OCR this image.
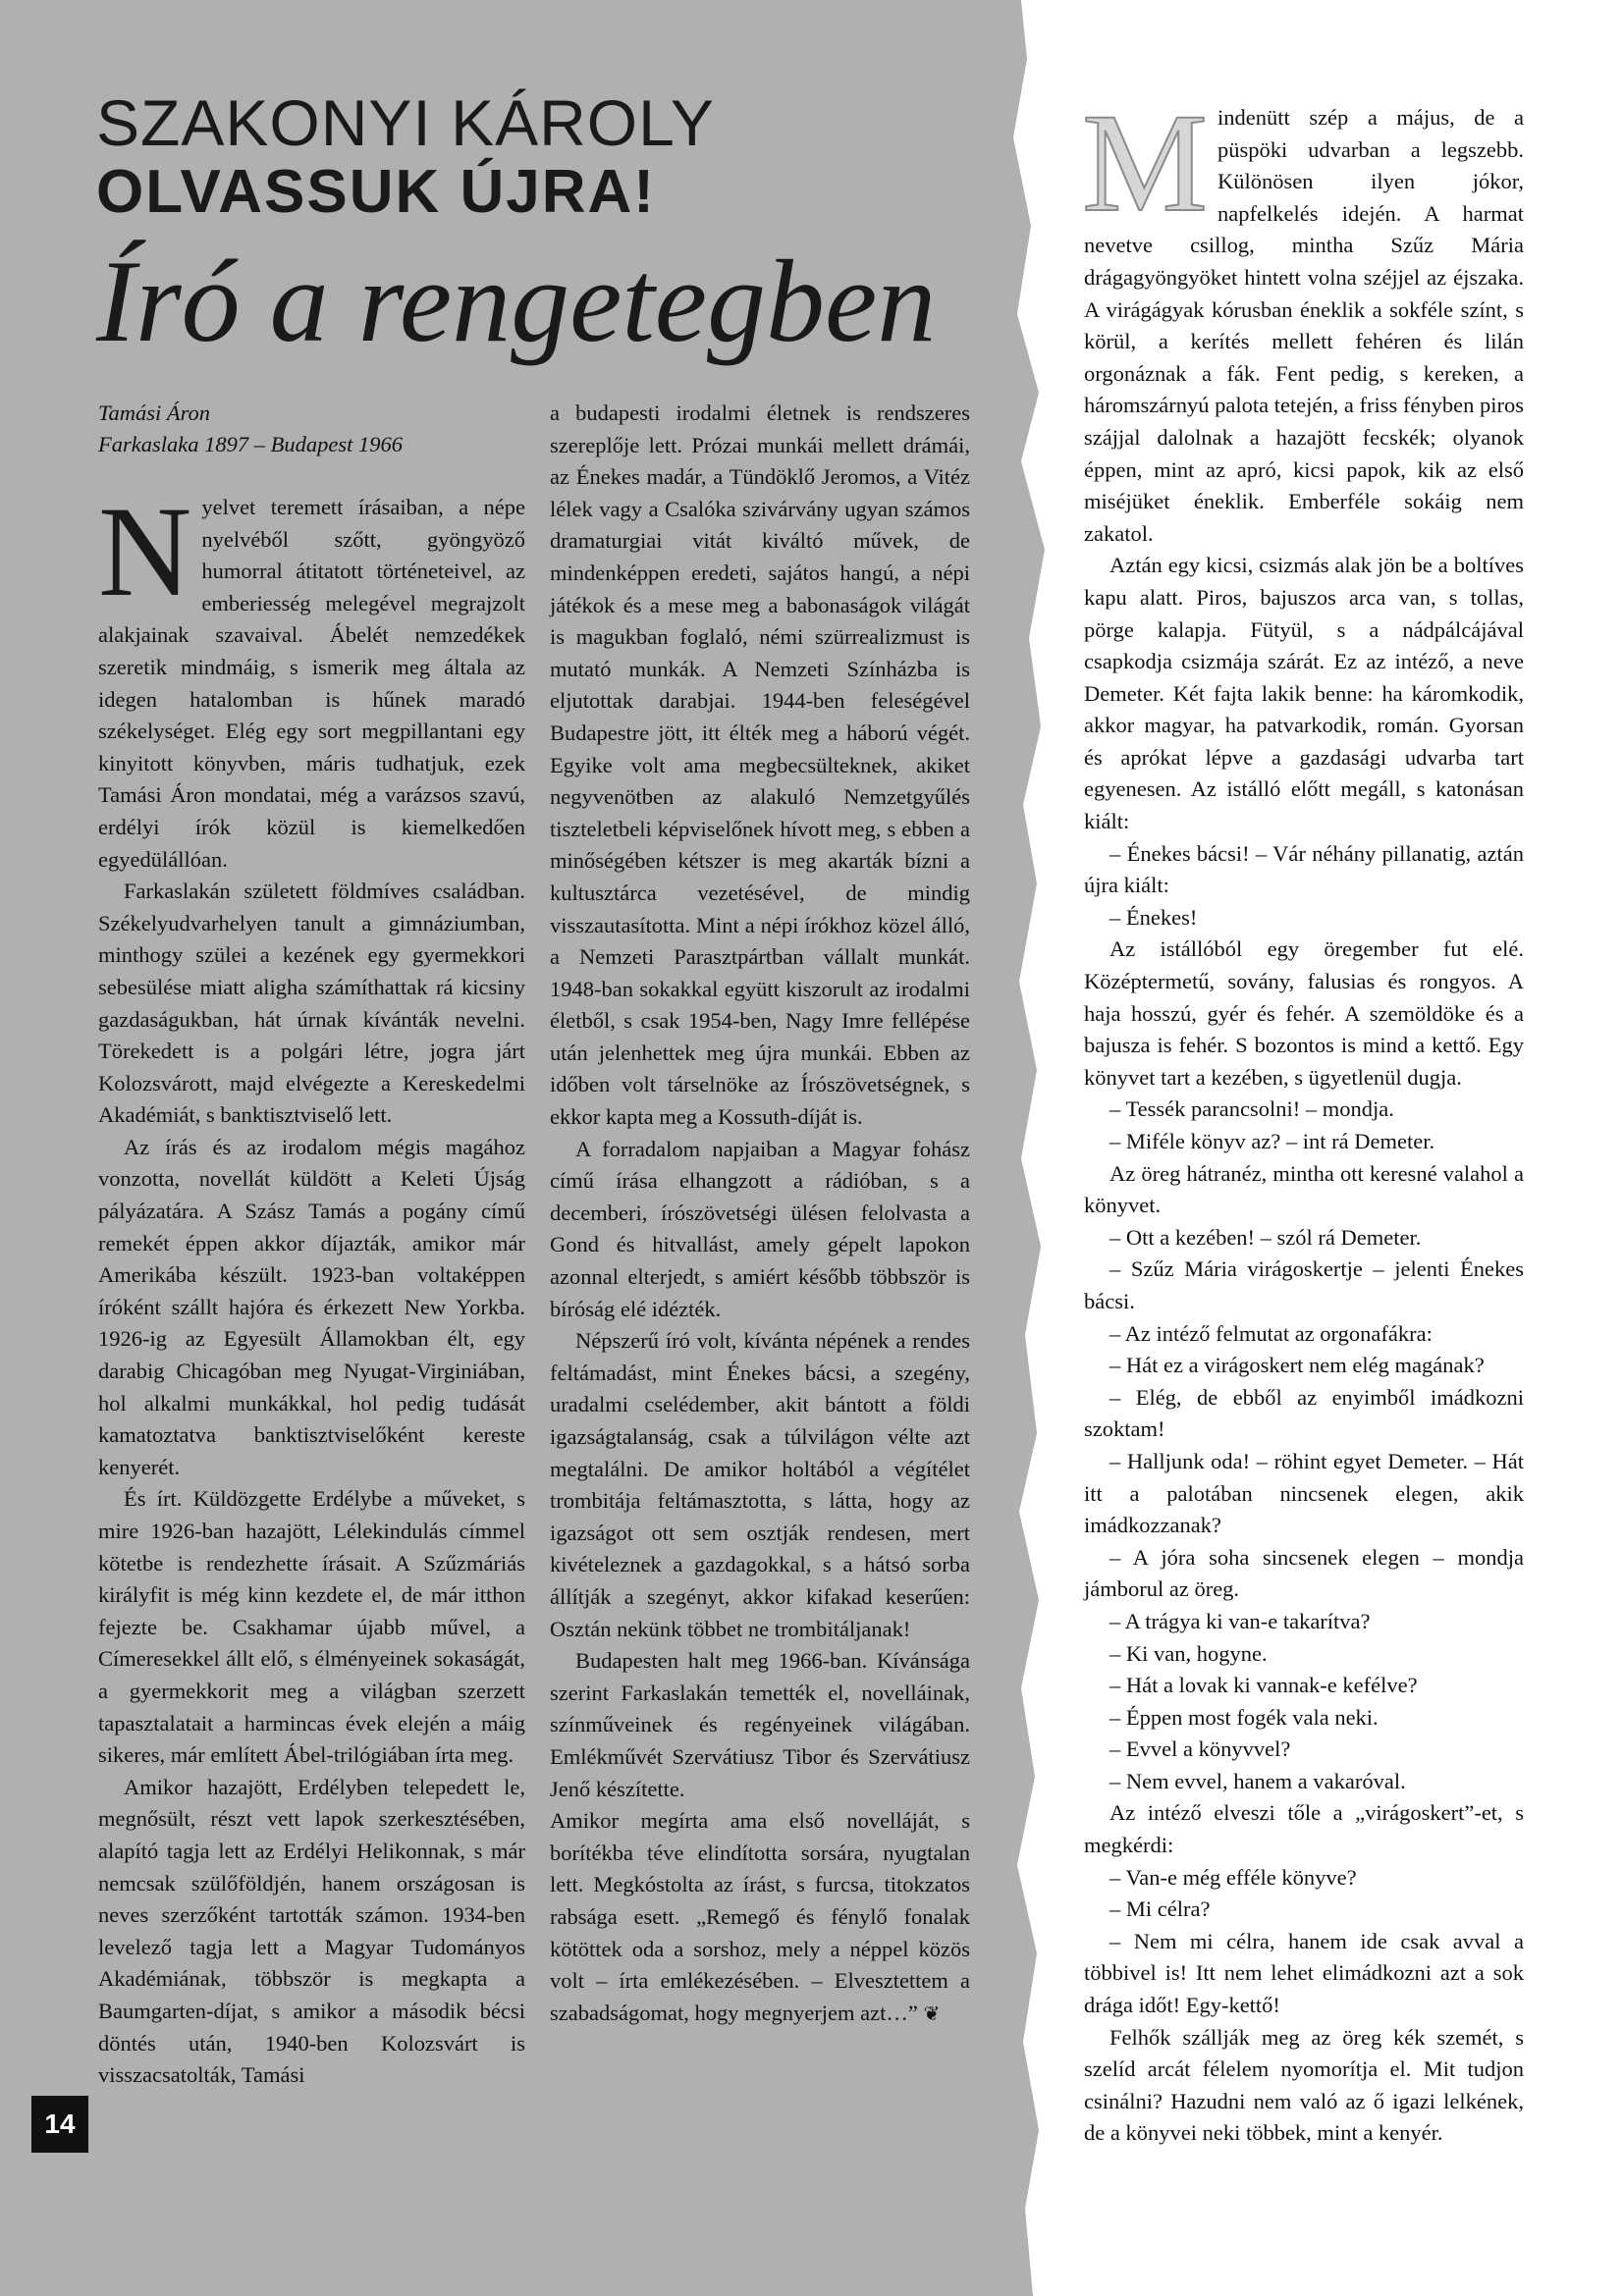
SZAKONYI KÁROLY
OLVASSUK ÚJRA!
Író a rengetegben
Tamási Áron
Farkaslaka 1897 – Budapest 1966

Nyelvet teremett írásaiban, a népe nyelvéből szőtt, gyöngyöző humorral átitatott történeteivel, az emberiesség melegével megrajzolt alakjainak szavaival. Ábelét nemzedékek szeretik mindmáig, s ismerik meg általa az idegen hatalomban is hűnek maradó székelységet. Elég egy sort megpillantani egy kinyitott könyvben, máris tudhatjuk, ezek Tamási Áron mondatai, még a varázsos szavú, erdélyi írók közül is kiemelkedően egyedülállóan.

Farkaslakán született földmíves családban. Székelyudvarhelyen tanult a gimnáziumban, minthogy szülei a kezének egy gyermekkori sebesülése miatt aligha számíthattak rá kicsiny gazdaságukban, hát úrnak kívánták nevelni. Törekedett is a polgári létre, jogra járt Kolozsvárott, majd elvégezte a Kereskedelmi Akadémiát, s banktisztviselő lett.

Az írás és az irodalom mégis magához vonzotta, novellát küldött a Keleti Újság pályázatára. A Szász Tamás a pogány című remekét éppen akkor díjazták, amikor már Amerikába készült. 1923-ban voltaképpen íróként szállt hajóra és érkezett New Yorkba. 1926-ig az Egyesült Államokban élt, egy darabig Chicagóban meg Nyugat-Virginiában, hol alkalmi munkákkal, hol pedig tudását kamatoztatva banktisztviselőként kereste kenyerét.

És írt. Küldözgette Erdélybe a műveket, s mire 1926-ban hazajött, Lélekindulás címmel kötetbe is rendezhette írásait. A Szűzmáriás királyfit is még kinn kezdete el, de már itthon fejezte be. Csakhamar újabb művel, a Címeresekkel állt elő, s élményeinek sokaságát, a gyermekkorit meg a világban szerzett tapasztalatait a harmincas évek elején a máig sikeres, már említett Ábel-trilógiában írta meg.

Amikor hazajött, Erdélyben telepedett le, megnősült, részt vett lapok szerkesztésében, alapító tagja lett az Erdélyi Helikonnak, s már nemcsak szülőföldjén, hanem országosan is neves szerzőként tartották számon. 1934-ben levelező tagja lett a Magyar Tudományos Akadémiának, többször is megkapta a Baumgarten-díjat, s amikor a második bécsi döntés után, 1940-ben Kolozsvárt is visszacsatolták, Tamási

a budapesti irodalmi életnek is rendszeres szereplője lett. Prózai munkái mellett drámái, az Énekes madár, a Tündöklő Jeromos, a Vitéz lélek vagy a Csalóka szivárvány ugyan számos dramaturgiai vitát kiváltó művek, de mindenképpen eredeti, sajátos hangú, a népi játékok és a mese meg a babonaságok világát is magukban foglaló, némi szürrealizmust is mutató munkák. A Nemzeti Színházba is eljutottak darabjai. 1944-ben feleségével Budapestre jött, itt élték meg a háború végét. Egyike volt ama megbecsülteknek, akiket negyvenötben az alakuló Nemzetgyűlés tiszteletbeli képviselőnek hívott meg, s ebben a minőségében kétszer is meg akarták bízni a kultusztárca vezetésével, de mindig visszautasította. Mint a népi írókhoz közel álló, a Nemzeti Parasztpártban vállalt munkát. 1948-ban sokakkal együtt kiszorult az irodalmi életből, s csak 1954-ben, Nagy Imre fellépése után jelenhettek meg újra munkái. Ebben az időben volt társelnöke az Írószövetségnek, s ekkor kapta meg a Kossuth-díját is.

A forradalom napjaiban a Magyar fohász című írása elhangzott a rádióban, s a decemberi, írószövetségi ülésen felolvasta a Gond és hitvallást, amely gépelt lapokon azonnal elterjedt, s amiért később többször is bíróság elé idézték.

Népszerű író volt, kívánta népének a rendes feltámadást, mint Énekes bácsi, a szegény, uradalmi cselédember, akit bántott a földi igazságtalanság, csak a túlvilágon vélte azt megtalálni. De amikor holtából a végítélet trombitája feltámasztotta, s látta, hogy az igazságot ott sem osztják rendesen, mert kivételeznek a gazdagokkal, s a hátsó sorba állítják a szegényt, akkor kifakad keserűen: Osztán nekünk többet ne trombitáljanak!

Budapesten halt meg 1966-ban. Kívánsága szerint Farkaslakán temették el, novelláinak, színműveinek és regényeinek világában. Emlékművét Szervátiusz Tibor és Szervátiusz Jenő készítette.

Amikor megírta ama első novelláját, s borítékba téve elindította sorsára, nyugtalan lett. Megkóstolta az írást, s furcsa, titokzatos rabsága esett. „Remegő és fénylő fonalak kötöttek oda a sorshoz, mely a néppel közös volt – írta emlékezésében. – Elvesztettem a szabadságomat, hogy megnyerjem azt…” ❦

Mindenütt szép a május, de a püspöki udvarban a legszebb. Különösen ilyen jókor, napfelkelés idején. A harmat nevetve csillog, mintha Szűz Mária drágagyöngyöket hintett volna széjjel az éjszaka. A virágágyak kórusban éneklik a sokféle színt, s körül, a kerítés mellett fehéren és lilán orgonáznak a fák. Fent pedig, s kereken, a háromszárnyú palota tetején, a friss fényben piros szájjal dalolnak a hazajött fecskék; olyanok éppen, mint az apró, kicsi papok, kik az első miséjüket éneklik. Emberféle sokáig nem zakatol.

Aztán egy kicsi, csizmás alak jön be a boltíves kapu alatt. Piros, bajuszos arca van, s tollas, pörge kalapja. Fütyül, s a nádpálcájával csapkodja csizmája szárát. Ez az intéző, a neve Demeter. Két fajta lakik benne: ha káromkodik, akkor magyar, ha patvarkodik, román. Gyorsan és aprókat lépve a gazdasági udvarba tart egyenesen. Az istálló előtt megáll, s katonásan kiált:

– Énekes bácsi! – Vár néhány pillanatig, aztán újra kiált:

– Énekes!

Az istállóból egy öregember fut elé. Középtermetű, sovány, falusias és rongyos. A haja hosszú, gyér és fehér. A szemöldöke és a bajusza is fehér. S bozontos is mind a kettő. Egy könyvet tart a kezében, s ügyetlenül dugja.

– Tessék parancsolni! – mondja.

– Miféle könyv az? – int rá Demeter.

Az öreg hátranéz, mintha ott keresné valahol a könyvet.

– Ott a kezében! – szól rá Demeter.

– Szűz Mária virágoskertje – jelenti Énekes bácsi.

– Az intéző felmutat az orgonafákra:

– Hát ez a virágoskert nem elég magának?

– Elég, de ebből az enyimből imádkozni szoktam!

– Halljunk oda! – röhint egyet Demeter. – Hát itt a palotában nincsenek elegen, akik imádkozzanak?

– A jóra soha sincsenek elegen – mondja jámborul az öreg.

– A trágya ki van-e takarítva?

– Ki van, hogyne.

– Hát a lovak ki vannak-e kefélve?

– Éppen most fogék vala neki.

– Evvel a könyvvel?

– Nem evvel, hanem a vakaróval.

Az intéző elveszi tőle a „virágoskert”-et, s megkérdi:

– Van-e még efféle könyve?

– Mi célra?

– Nem mi célra, hanem ide csak avval a többivel is! Itt nem lehet elimádkozni azt a sok drága időt! Egy-kettő!

Felhők szállják meg az öreg kék szemét, s szelíd arcát félelem nyomorítja el. Mit tudjon csinálni? Hazudni nem való az ő igazi lelkének, de a könyvei neki többek, mint a kenyér.

14
